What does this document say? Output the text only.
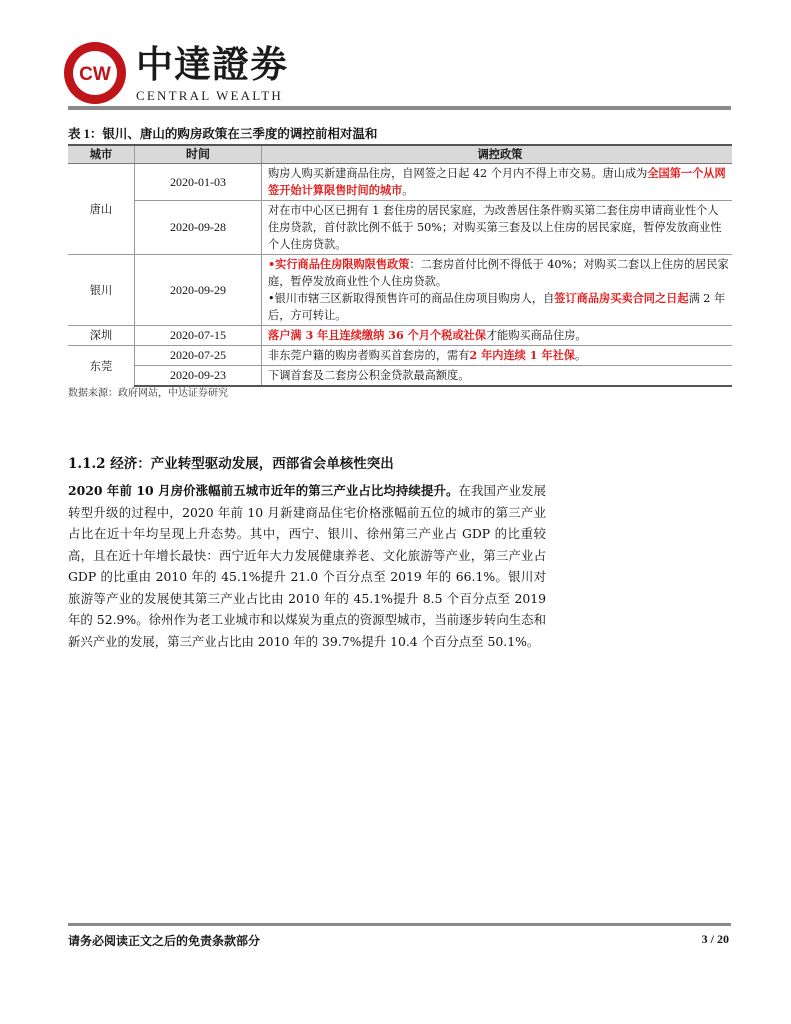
CW 中達證劵
CENTRAL WEALTH
表 1：银川、唐山的购房政策在三季度的调控前相对温和
城市	时间	调控政策
唐山	2020-01-03	购房人购买新建商品住房，自网签之日起 42 个月内不得上市交易。唐山成为全国第一个从网签开始计算限售时间的城市。
	2020-09-28	对在市中心区已拥有 1 套住房的居民家庭，为改善居住条件购买第二套住房申请商业性个人住房贷款，首付款比例不低于 50%；对购买第三套及以上住房的居民家庭，暂停发放商业性个人住房贷款。
银川	2020-09-29	•实行商品住房限购限售政策：二套房首付比例不得低于 40%；对购买二套以上住房的居民家庭，暂停发放商业性个人住房贷款。
•银川市辖三区新取得预售许可的商品住房项目购房人，自签订商品房买卖合同之日起满 2 年后，方可转让。

深圳	2020-07-15	落户满 3 年且连续缴纳 36 个月个税或社保才能购买商品住房。
东莞	2020-07-25	非东莞户籍的购房者购买首套房的，需有2 年内连续 1 年社保。
	2020-09-23	下调首套及二套房公积金贷款最高额度。
数据来源：政府网站，中达证券研究
1.1.2 经济：产业转型驱动发展，西部省会单核性突出
2020 年前 10 月房价涨幅前五城市近年的第三产业占比均持续提升。在我国产业发展转型升级的过程中，2020 年前 10 月新建商品住宅价格涨幅前五位的城市的第三产业占比在近十年均呈现上升态势。其中，西宁、银川、徐州第三产业占 GDP 的比重较高，且在近十年增长最快：西宁近年大力发展健康养老、文化旅游等产业，第三产业占 GDP 的比重由 2010 年的 45.1%提升 21.0 个百分点至 2019 年的 66.1%。银川对旅游等产业的发展使其第三产业占比由 2010 年的 45.1%提升 8.5 个百分点至 2019 年的 52.9%。徐州作为老工业城市和以煤炭为重点的资源型城市，当前逐步转向生态和新兴产业的发展，第三产业占比由 2010 年的 39.7%提升 10.4 个百分点至 50.1%。
请务必阅读正文之后的免责条款部分	3 / 20
